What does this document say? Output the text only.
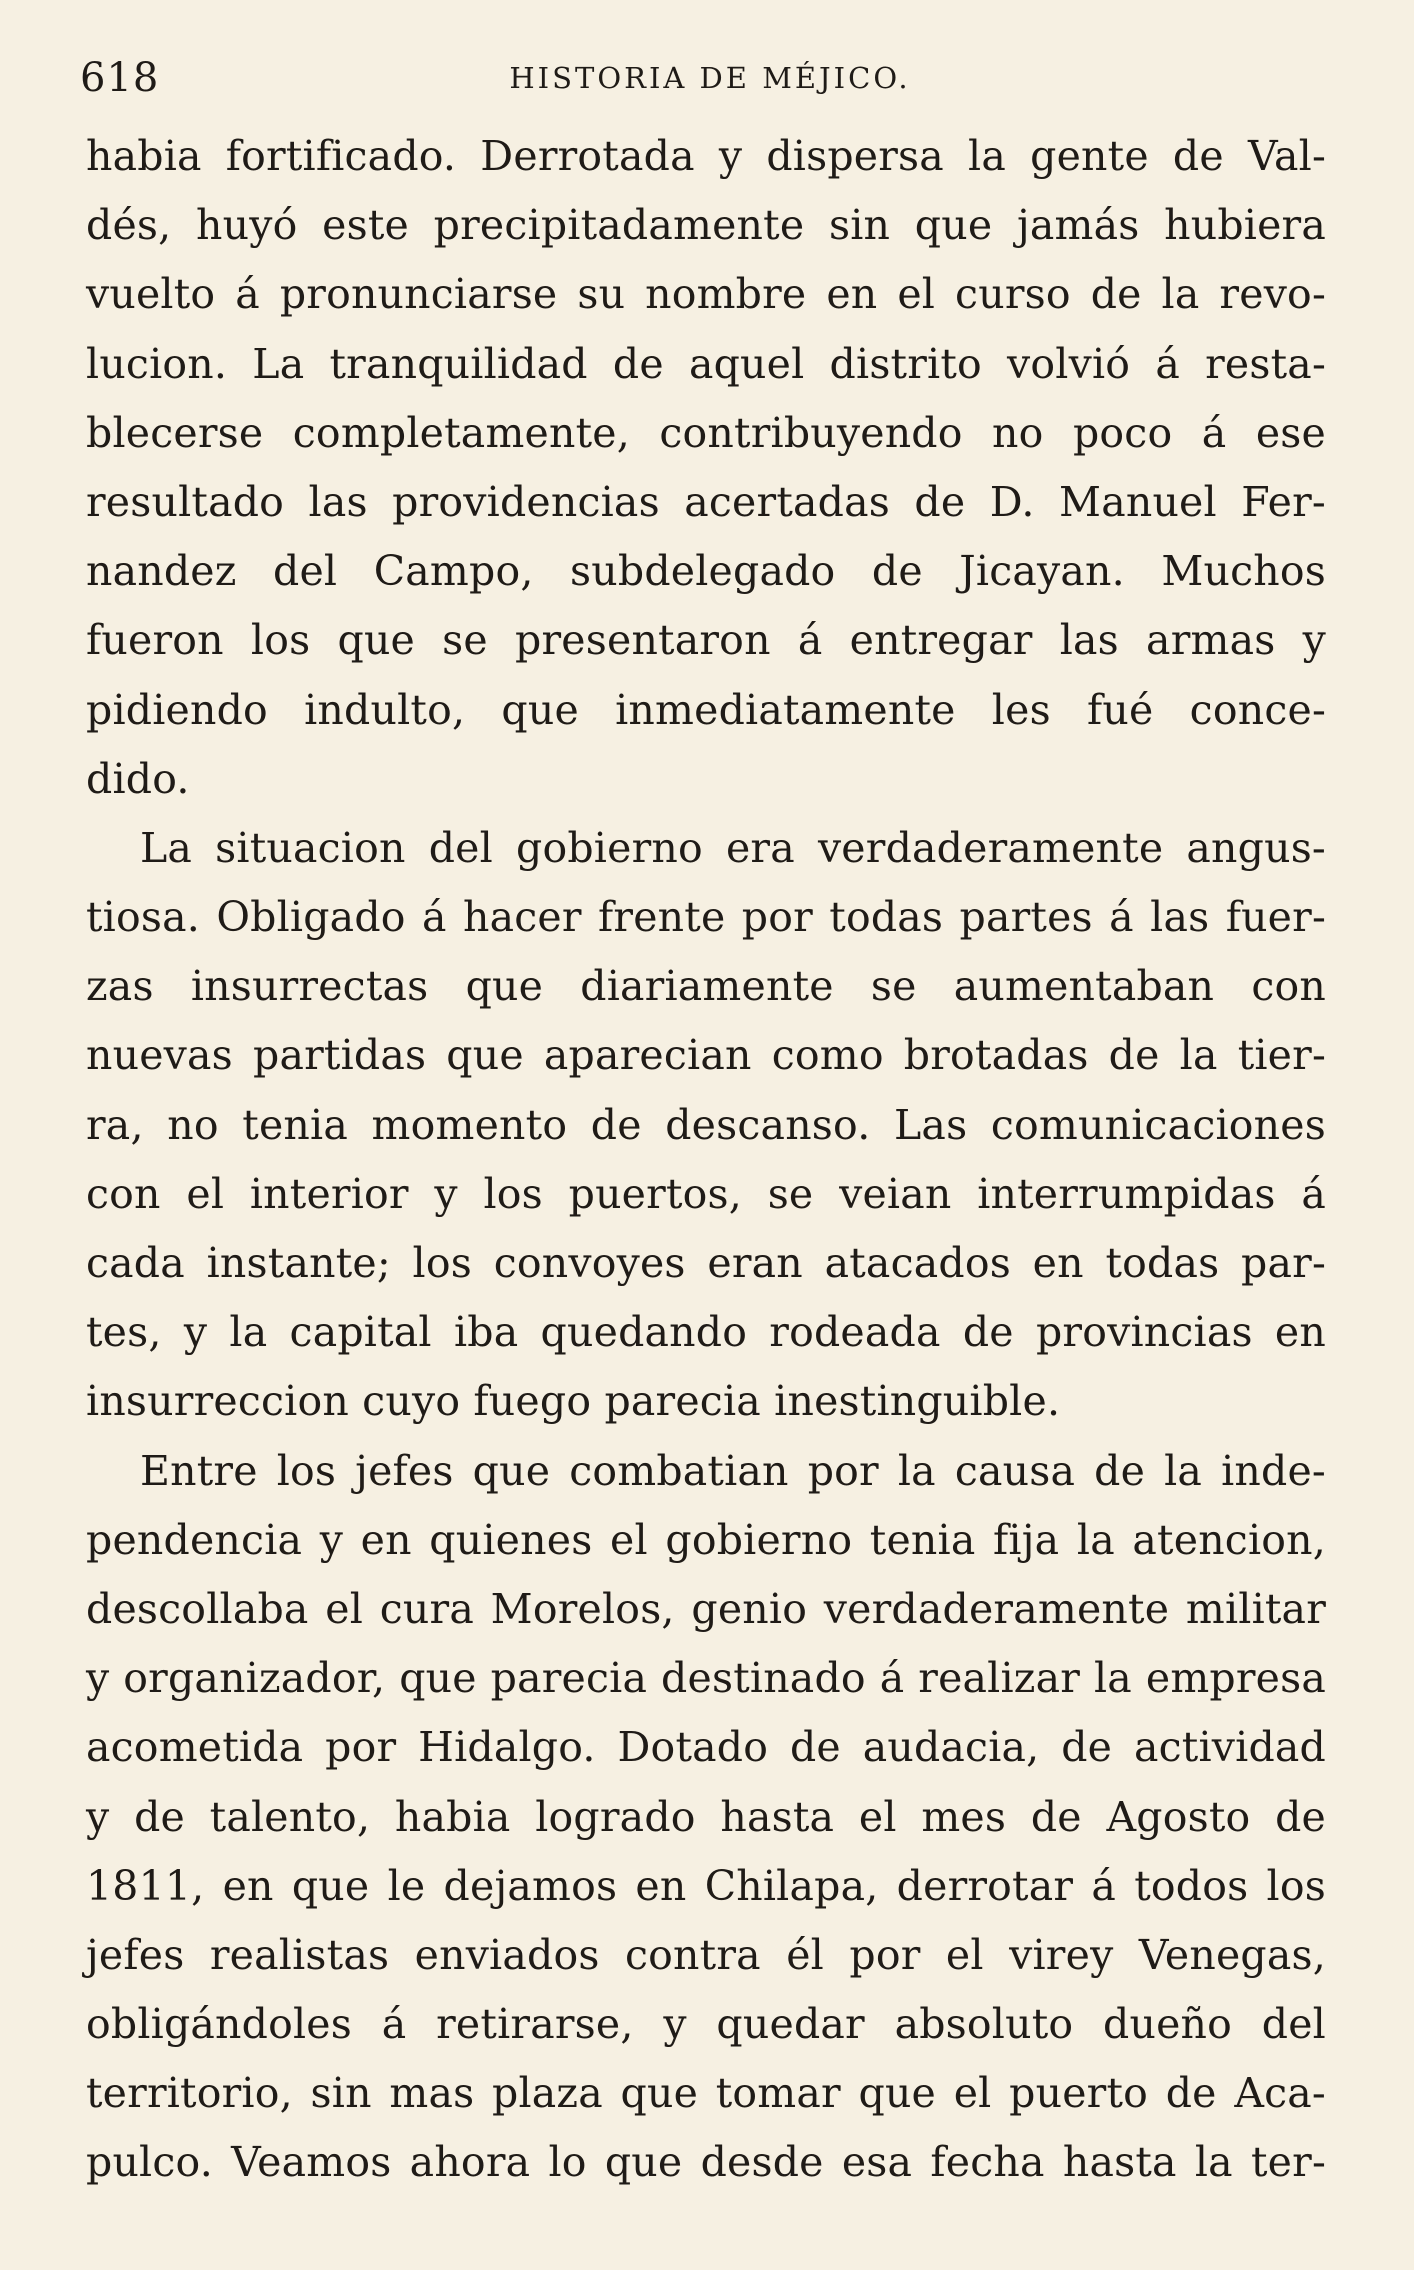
618	HISTORIA DE MÉJICO.
habia fortificado. Derrotada y dispersa la gente de Val-
dés, huyó este precipitadamente sin que jamás hubiera
vuelto á pronunciarse su nombre en el curso de la revo-
lucion. La tranquilidad de aquel distrito volvió á resta-
blecerse completamente, contribuyendo no poco á ese
resultado las providencias acertadas de D. Manuel Fer-
nandez del Campo, subdelegado de Jicayan. Muchos
fueron los que se presentaron á entregar las armas y
pidiendo indulto, que inmediatamente les fué conce-
dido.
La situacion del gobierno era verdaderamente angus-
tiosa. Obligado á hacer frente por todas partes á las fuer-
zas insurrectas que diariamente se aumentaban con
nuevas partidas que aparecian como brotadas de la tier-
ra, no tenia momento de descanso. Las comunicaciones
con el interior y los puertos, se veian interrumpidas á
cada instante; los convoyes eran atacados en todas par-
tes, y la capital iba quedando rodeada de provincias en
insurreccion cuyo fuego parecia inestinguible.
Entre los jefes que combatian por la causa de la inde-
pendencia y en quienes el gobierno tenia fija la atencion,
descollaba el cura Morelos, genio verdaderamente militar
y organizador, que parecia destinado á realizar la empresa
acometida por Hidalgo. Dotado de audacia, de actividad
y de talento, habia logrado hasta el mes de Agosto de
1811, en que le dejamos en Chilapa, derrotar á todos los
jefes realistas enviados contra él por el virey Venegas,
obligándoles á retirarse, y quedar absoluto dueño del
territorio, sin mas plaza que tomar que el puerto de Aca-
pulco. Veamos ahora lo que desde esa fecha hasta la ter-
